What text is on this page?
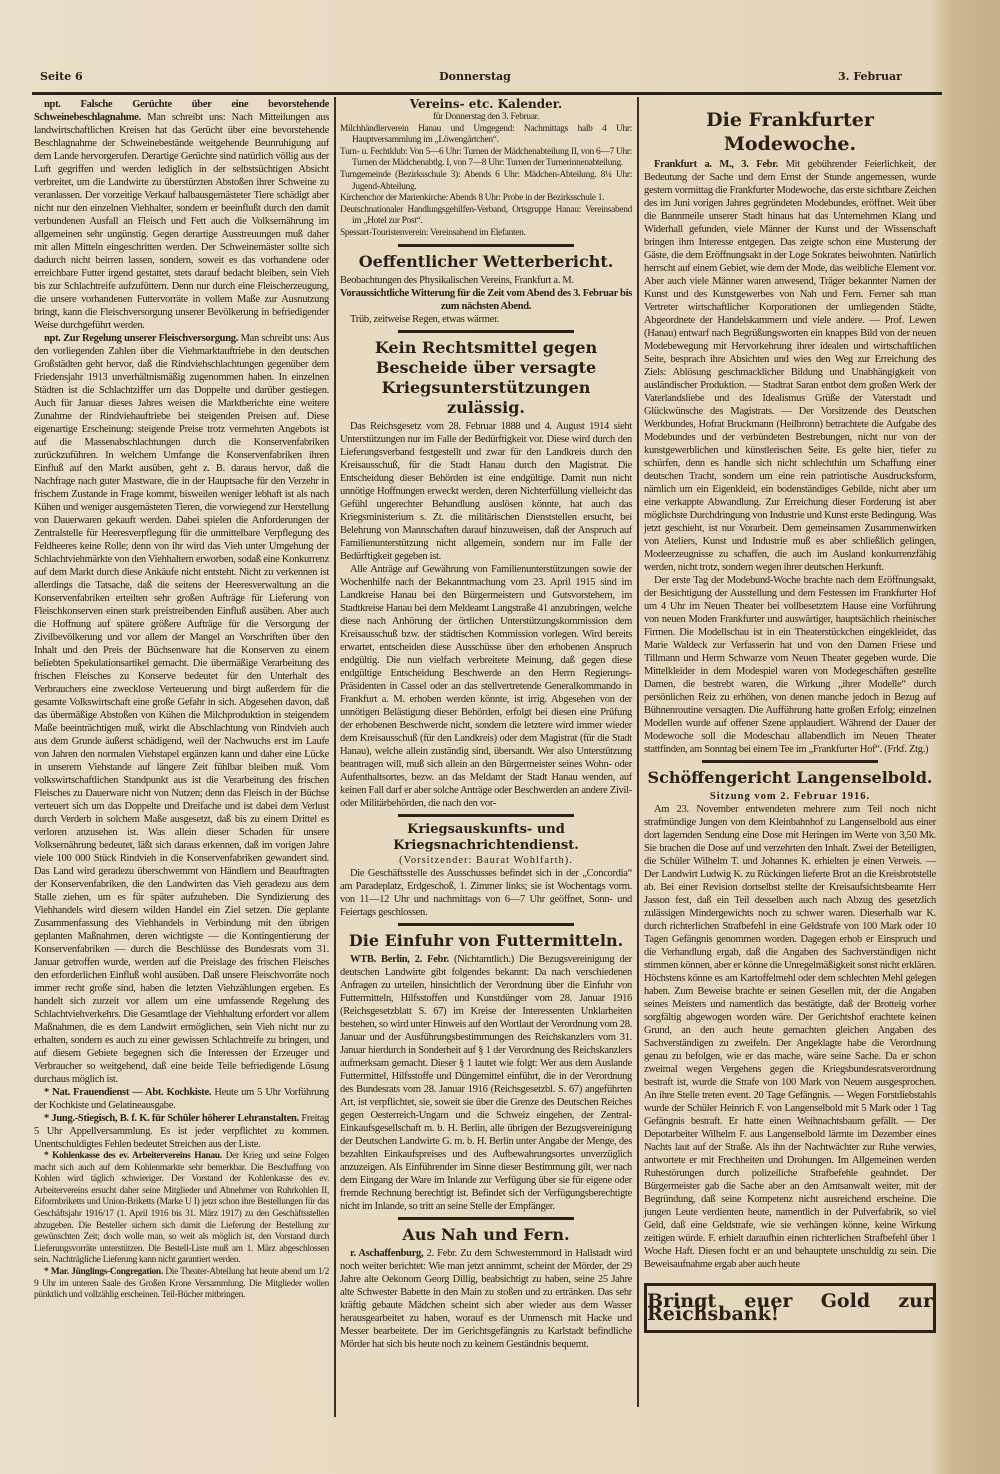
Seite 6	Donnerstag	3. Februar

npt. Falsche Gerüchte über eine bevorstehende Schweinebeschlagnahme. Man schreibt uns: Nach Mitteilungen aus landwirtschaftlichen Kreisen hat das Gerücht über eine bevorstehende Beschlagnahme der Schweinebestände weitgehende Beunruhigung auf dem Lande hervorgerufen. Derartige Gerüchte sind natürlich völlig aus der Luft gegriffen und werden lediglich in der selbstsüchtigen Absicht verbreitet, um die Landwirte zu überstürzten Abstoßen ihrer Schweine zu veranlassen. Der vorzeitige Verkauf halbausgemästeter Tiere schädigt aber nicht nur den einzelnen Viehhalter, sondern er beeinflußt durch den damit verbundenen Ausfall an Fleisch und Fett auch die Volksernährung im allgemeinen sehr ungünstig. Gegen derartige Ausstreuungen muß daher mit allen Mitteln eingeschritten werden. Der Schweinemäster sollte sich dadurch nicht beirren lassen, sondern, soweit es das vorhandene oder erreichbare Futter irgend gestattet, stets darauf bedacht bleiben, sein Vieh bis zur Schlachtreife aufzufüttern. Denn nur durch eine Fleischerzeugung, die unsere vorhandenen Futtervorräte in vollem Maße zur Ausnutzung bringt, kann die Fleischversorgung unserer Bevölkerung in befriedigender Weise durchgeführt werden.

npt. Zur Regelung unserer Fleischversorgung. Man schreibt uns: Aus den vorliegenden Zahlen über die Viehmarktauftriebe in den deutschen Großstädten geht hervor, daß die Rindviehschlachtungen gegenüber dem Friedensjahr 1913 unverhältnismäßig zugenommen haben. In einzelnen Städten ist die Schlachtziffer um das Doppelte und darüber gestiegen. Auch für Januar dieses Jahres weisen die Marktberichte eine weitere Zunahme der Rindviehauftriebe bei steigenden Preisen auf. Diese eigenartige Erscheinung: steigende Preise trotz vermehrten Angebots ist auf die Massenabschlachtungen durch die Konservenfabriken zurückzuführen. In welchem Umfange die Konservenfabriken ihren Einfluß auf den Markt ausüben, geht z. B. daraus hervor, daß die Nachfrage nach guter Mastware, die in der Hauptsache für den Verzehr in frischem Zustande in Frage kommt, bisweilen weniger lebhaft ist als nach Kühen und weniger ausgemästeten Tieren, die vorwiegend zur Herstellung von Dauerwaren gekauft werden. Dabei spielen die Anforderungen der Zentralstelle für Heeresverpflegung für die unmittelbare Verpflegung des Feldheeres keine Rolle; denn von ihr wird das Vieh unter Umgehung der Schlachtviehmärkte von den Viehhaltern erworben, sodaß eine Konkurrenz auf dem Markt durch diese Ankäufe nicht entsteht. Nicht zu verkennen ist allerdings die Tatsache, daß die seitens der Heeresverwaltung an die Konservenfabriken erteilten sehr großen Aufträge für Lieferung von Fleischkonserven einen stark preistreibenden Einfluß ausüben. Aber auch die Hoffnung auf spätere größere Aufträge für die Versorgung der Zivilbevölkerung und vor allem der Mangel an Vorschriften über den Inhalt und den Preis der Büchsenware hat die Konserven zu einem beliebten Spekulationsartikel gemacht. Die übermäßige Verarbeitung des frischen Fleisches zu Konserve bedeutet für den Unterhalt des Verbrauchers eine zwecklose Verteuerung und birgt außerdem für die gesamte Volkswirtschaft eine große Gefahr in sich. Abgesehen davon, daß das übermäßige Abstoßen von Kühen die Milchproduktion in steigendem Maße beeinträchtigen muß, wirkt die Abschlachtung von Rindvieh auch aus dem Grunde äußerst schädigend, weil der Nachwuchs erst im Laufe von Jahren den normalen Viehstapel ergänzen kann und daher eine Lücke in unserem Viehstande auf längere Zeit fühlbar bleiben muß. Vom volkswirtschaftlichen Standpunkt aus ist die Verarbeitung des frischen Fleisches zu Dauerware nicht von Nutzen; denn das Fleisch in der Büchse verteuert sich um das Doppelte und Dreifache und ist dabei dem Verlust durch Verderb in solchem Maße ausgesetzt, daß bis zu einem Drittel es verloren anzusehen ist. Was allein dieser Schaden für unsere Volksernährung bedeutet, läßt sich daraus erkennen, daß im vorigen Jahre viele 100 000 Stück Rindvieh in die Konservenfabriken gewandert sind. Das Land wird geradezu überschwemmt von Händlern und Beauftragten der Konservenfabriken, die den Landwirten das Vieh geradezu aus dem Stalle ziehen, um es für später aufzuheben. Die Syndizierung des Viehhandels wird diesem wilden Handel ein Ziel setzen. Die geplante Zusammenfassung des Viehhandels in Verbindung mit den übrigen geplanten Maßnahmen, deren wichtigste — die Kontingentierung der Konservenfabriken — durch die Beschlüsse des Bundesrats vom 31. Januar getroffen wurde, werden auf die Preislage des frischen Fleisches den erforderlichen Einfluß wohl ausüben. Daß unsere Fleischvorräte noch immer recht große sind, haben die letzten Viehzählungen ergeben. Es handelt sich zurzeit vor allem um eine umfassende Regelung des Schlachtviehverkehrs. Die Gesamtlage der Viehhaltung erfordert vor allem Maßnahmen, die es dem Landwirt ermöglichen, sein Vieh nicht nur zu erhalten, sondern es auch zu einer gewissen Schlachtreife zu bringen, und auf diesem Gebiete begegnen sich die Interessen der Erzeuger und Verbraucher so weitgehend, daß eine beide Teile befriedigende Lösung durchaus möglich ist.

* Nat. Frauendienst — Abt. Kochkiste. Heute um 5 Uhr Vorführung der Kochkiste und Gelatineausgabe.

* Jung.-Stiegisch, B. f. K. für Schüler höherer Lehranstalten. Freitag 5 Uhr Appellversammlung. Es ist jeder verpflichtet zu kommen. Unentschuldigtes Fehlen bedeutet Streichen aus der Liste.

* Kohlenkasse des ev. Arbeitervereins Hanau. Der Krieg und seine Folgen macht sich auch auf dem Kohlenmarkte sehr bemerkbar. Die Beschaffung von Kohlen wird täglich schwieriger. Der Vorstand der Kohlenkasse des ev. Arbeitervereins ersucht daher seine Mitglieder und Abnehmer von Ruhrkohlen II, Eiformbriketts und Union-Briketts (Marke U I) jetzt schon ihre Bestellungen für das Geschäftsjahr 1916/17 (1. April 1916 bis 31. März 1917) zu den Geschäftsstellen abzugeben. Die Besteller sichern sich damit die Lieferung der Bestellung zur gewünschten Zeit; doch wolle man, so weit als möglich ist, den Vorstand durch Lieferungsvorräte unterstützen. Die Bestell-Liste muß am 1. März abgeschlossen sein. Nachträgliche Lieferung kann nicht garantiert werden.

* Mar. Jünglings-Congregation. Die Theater-Abteilung hat heute abend um 1/2 9 Uhr im unteren Saale des Großen Krone Versammlung. Die Mitglieder wollen pünktlich und vollzählig erscheinen. Teil-Bücher mitbringen.

Vereins- etc. Kalender.

für Donnerstag den 3. Februar.

Milchhändlerverein Hanau und Umgegend: Nachmittags halb 4 Uhr: Hauptversammlung im „Löwengärtchen“.

Turn- u. Fechtklub: Von 5—6 Uhr: Turnen der Mädchenabteilung II, von 6—7 Uhr: Turnen der Mädchenabtlg. I, von 7—8 Uhr: Turnen der Turnerinnenabteilung.

Turngemeinde (Bezirksschule 3): Abends 6 Uhr: Mädchen-Abteilung. 8¼ Uhr: Jugend-Abteilung.

Kirchenchor der Marienkirche: Abends 8 Uhr: Probe in der Bezirksschule 1.

Deutschnationaler Handlungsgehilfen-Verband, Ortsgruppe Hanau: Vereinsabend im „Hotel zur Post“.

Spessart-Touristenverein: Vereinsabend im Elefanten.

Oeffentlicher Wetterbericht.

Beobachtungen des Physikalischen Vereins, Frankfurt a. M.

Voraussichtliche Witterung für die Zeit vom Abend des 3. Februar bis zum nächsten Abend.

Trüb, zeitweise Regen, etwas wärmer.

Kein Rechtsmittel gegen Bescheide über versagte Kriegsunterstützungen zulässig.

Das Reichsgesetz vom 28. Februar 1888 und 4. August 1914 sieht Unterstützungen nur im Falle der Bedürftigkeit vor. Diese wird durch den Lieferungsverband festgestellt und zwar für den Landkreis durch den Kreisausschuß, für die Stadt Hanau durch den Magistrat. Die Entscheidung dieser Behörden ist eine endgültige. Damit nun nicht unnötige Hoffnungen erweckt werden, deren Nichterfüllung vielleicht das Gefühl ungerechter Behandlung auslösen könnte, hat auch das Kriegsministerium s. Zt. die militärischen Dienststellen ersucht, bei Belehrung von Mannschaften darauf hinzuweisen, daß der Anspruch auf Familienunterstützung nicht allgemein, sondern nur im Falle der Bedürftigkeit gegeben ist.

Alle Anträge auf Gewährung von Familienunterstützungen sowie der Wochenhilfe nach der Bekanntmachung vom 23. April 1915 sind im Landkreise Hanau bei den Bürgermeistern und Gutsvorstehern, im Stadtkreise Hanau bei dem Meldeamt Langstraße 41 anzubringen, welche diese nach Anhörung der örtlichen Unterstützungskommission dem Kreisausschuß bzw. der städtischen Kommission vorlegen. Wird bereits erwartet, entscheiden diese Ausschüsse über den erhobenen Anspruch endgültig. Die nun vielfach verbreitete Meinung, daß gegen diese endgültige Entscheidung Beschwerde an den Herrn Regierungs-Präsidenten in Cassel oder an das stellvertretende Generalkommando in Frankfurt a. M. erhoben werden könnte, ist irrig. Abgesehen von der unnötigen Belästigung dieser Behörden, erfolgt bei diesen eine Prüfung der erhobenen Beschwerde nicht, sondern die letztere wird immer wieder dem Kreisausschuß (für den Landkreis) oder dem Magistrat (für die Stadt Hanau), welche allein zuständig sind, übersandt. Wer also Unterstützung beantragen will, muß sich allein an den Bürgermeister seines Wohn- oder Aufenthaltsortes, bezw. an das Meldamt der Stadt Hanau wenden, auf keinen Fall darf er aber solche Anträge oder Beschwerden an andere Zivil- oder Militärbehörden, die nach den vor-

Kriegsauskunfts- und Kriegsnachrichtendienst.

(Vorsitzender: Baurat Wohlfarth).

Die Geschäftsstelle des Ausschusses befindet sich in der „Concordia“ am Paradeplatz, Erdgeschoß, 1. Zimmer links; sie ist Wochentags vorm. von 11—12 Uhr und nachmittags von 6—7 Uhr geöffnet, Sonn- und Feiertags geschlossen.

Die Einfuhr von Futtermitteln.

WTB. Berlin, 2. Febr. (Nichtamtlich.) Die Bezugsvereinigung der deutschen Landwirte gibt folgendes bekannt: Da nach verschiedenen Anfragen zu urteilen, hinsichtlich der Verordnung über die Einfuhr von Futtermitteln, Hilfsstoffen und Kunstdünger vom 28. Januar 1916 (Reichsgesetzblatt S. 67) im Kreise der Interessenten Unklarheiten bestehen, so wird unter Hinweis auf den Wortlaut der Verordnung vom 28. Januar und der Ausführungsbestimmungen des Reichskanzlers vom 31. Januar hierdurch in Sonderheit auf § 1 der Verordnung des Reichskanzlers aufmerksam gemacht. Dieser § 1 lautet wie folgt: Wer aus dem Auslande Futtermittel, Hilfsstoffe und Düngemittel einführt, die in der Verordnung des Bundesrats vom 28. Januar 1916 (Reichsgesetzbl. S. 67) angeführten Art, ist verpflichtet, sie, soweit sie über die Grenze des Deutschen Reiches gegen Oesterreich-Ungarn und die Schweiz eingehen, der Zentral-Einkaufsgesellschaft m. b. H. Berlin, alle übrigen der Bezugsvereinigung der Deutschen Landwirte G. m. b. H. Berlin unter Angabe der Menge, des bezahlten Einkaufspreises und des Aufbewahrungsortes unverzüglich anzuzeigen. Als Einführender im Sinne dieser Bestimmung gilt, wer nach dem Eingang der Ware im Inlande zur Verfügung über sie für eigene oder fremde Rechnung berechtigt ist. Befindet sich der Verfügungsberechtigte nicht im Inlande, so tritt an seine Stelle der Empfänger.

Aus Nah und Fern.

r. Aschaffenburg, 2. Febr. Zu dem Schwesternmord in Hallstadt wird noch weiter berichtet: Wie man jetzt annimmt, scheint der Mörder, der 29 Jahre alte Oekonom Georg Dillig, beabsichtigt zu haben, seine 25 Jahre alte Schwester Babette in den Main zu stoßen und zu ertränken. Das sehr kräftig gebaute Mädchen scheint sich aber wieder aus dem Wasser herausgearbeitet zu haben, worauf es der Unmensch mit Hacke und Messer bearbeitete. Der im Gerichtsgefängnis zu Karlstadt befindliche Mörder hat sich bis heute noch zu keinem Geständnis bequemt.

Die Frankfurter Modewoche.

Frankfurt a. M., 3. Febr. Mit gebührender Feierlichkeit, der Bedeutung der Sache und dem Ernst der Stunde angemessen, wurde gestern vormittag die Frankfurter Modewoche, das erste sichtbare Zeichen des im Juni vorigen Jahres gegründeten Modebundes, eröffnet. Weit über die Bannmeile unserer Stadt hinaus hat das Unternehmen Klang und Widerhall gefunden, viele Männer der Kunst und der Wissenschaft bringen ihm Interesse entgegen. Das zeigte schon eine Musterung der Gäste, die dem Eröffnungsakt in der Loge Sokrates beiwohnten. Natürlich herrscht auf einem Gebiet, wie dem der Mode, das weibliche Element vor. Aber auch viele Männer waren anwesend, Träger bekannter Namen der Kunst und des Kunstgewerbes von Nah und Fern. Ferner sah man Vertreter wirtschaftlicher Korporationen der umliegenden Städte, Abgeordnete der Handelskammern und viele andere. — Prof. Lewen (Hanau) entwarf nach Begrüßungsworten ein knappes Bild von der neuen Modebewegung mit Hervorkehrung ihrer idealen und wirtschaftlichen Seite, besprach ihre Absichten und wies den Weg zur Erreichung des Ziels: Ablösung geschmacklicher Bildung und Unabhängigkeit von ausländischer Produktion. — Stadtrat Saran entbot dem großen Werk der Vaterlandsliebe und des Idealismus Grüße der Vaterstadt und Glückwünsche des Magistrats. — Der Vorsitzende des Deutschen Werkbundes, Hofrat Bruckmann (Heilbronn) betrachtete die Aufgabe des Modebundes und der verbündeten Bestrebungen, nicht nur von der kunstgewerblichen und künstlerischen Seite. Es gelte hier, tiefer zu schürfen, denn es handle sich nicht schlechthin um Schaffung einer deutschen Tracht, sondern um eine rein patriotische Ausdrucksform, nämlich um ein Eigenkleid, ein bodenständiges Gebilde, nicht aber um eine verkappte Abwandlung. Zur Erreichung dieser Forderung ist aber möglichste Durchdringung von Industrie und Kunst erste Bedingung. Was jetzt geschieht, ist nur Vorarbeit. Dem gemeinsamen Zusammenwirken von Ateliers, Kunst und Industrie muß es aber schließlich gelingen, Modeerzeugnisse zu schaffen, die auch im Ausland konkurrenzfähig werden, nicht trotz, sondern wegen ihrer deutschen Herkunft.

Der erste Tag der Modebund-Woche brachte nach dem Eröffnungsakt, der Besichtigung der Ausstellung und dem Festessen im Frankfurter Hof um 4 Uhr im Neuen Theater bei vollbesetztem Hause eine Vorführung von neuen Moden Frankfurter und auswärtiger, hauptsächlich rheinischer Firmen. Die Modellschau ist in ein Theaterstückchen eingekleidet, das Marie Waldeck zur Verfasserin hat und von den Damen Friese und Tillmann und Herrn Schwarze vom Neuen Theater gegeben wurde. Die Mittelkleider in dem Modespiel waren von Modegeschäften gestellte Damen, die bestrebt waren, die Wirkung „ihrer Modelle“ durch persönlichen Reiz zu erhöhen, von denen manche jedoch in Bezug auf Bühnenroutine versagten. Die Aufführung hatte großen Erfolg; einzelnen Modellen wurde auf offener Szene applaudiert. Während der Dauer der Modewoche soll die Modeschau allabendlich im Neuen Theater stattfinden, am Sonntag bei einem Tee im „Frankfurter Hof“. (Frkf. Ztg.)

Schöffengericht Langenselbold.

Sitzung vom 2. Februar 1916.

Am 23. November entwendeten mehrere zum Teil noch nicht strafmündige Jungen von dem Kleinbahnhof zu Langenselbold aus einer dort lagernden Sendung eine Dose mit Heringen im Werte von 3,50 Mk. Sie brachen die Dose auf und verzehrten den Inhalt. Zwei der Beteiligten, die Schüler Wilhelm T. und Johannes K. erhielten je einen Verweis. — Der Landwirt Ludwig K. zu Rückingen lieferte Brot an die Kreisbrotstelle ab. Bei einer Revision dortselbst stellte der Kreisaufsichtsbeamte Herr Jasson fest, daß ein Teil desselben auch nach Abzug des gesetzlich zulässigen Mindergewichts noch zu schwer waren. Dieserhalb war K. durch richterlichen Strafbefehl in eine Geldstrafe von 100 Mark oder 10 Tagen Gefängnis genommen worden. Dagegen erhob er Einspruch und die Verhandlung ergab, daß die Angaben des Sachverständigen nicht stimmen können, aber er könne die Unregelmäßigkeit sonst nicht erklären. Höchstens könne es am Kartoffelmehl oder dem schlechten Mehl gelegen haben. Zum Beweise brachte er seinen Gesellen mit, der die Angaben seines Meisters und namentlich das bestätigte, daß der Brotteig vorher sorgfältig abgewogen worden wäre. Der Gerichtshof erachtete keinen Grund, an den auch heute gemachten gleichen Angaben des Sachverständigen zu zweifeln. Der Angeklagte habe die Verordnung genau zu befolgen, wie er das mache, wäre seine Sache. Da er schon zweimal wegen Vergehens gegen die Kriegsbundesratsverordnung bestraft ist, wurde die Strafe von 100 Mark von Neuem ausgesprochen. An ihre Stelle treten event. 20 Tage Gefängnis. — Wegen Forstdiebstahls wurde der Schüler Heinrich F. von Langenselbold mit 5 Mark oder 1 Tag Gefängnis bestraft. Er hatte einen Weihnachtsbaum gefällt. — Der Depotarbeiter Wilhelm F. aus Langenselbold lärmte im Dezember eines Nachts laut auf der Straße. Als ihn der Nachtwächter zur Ruhe verwies, antwortete er mit Frechheiten und Drohungen. Im Allgemeinen werden Ruhestörungen durch polizeiliche Strafbefehle geahndet. Der Bürgermeister gab die Sache aber an den Amtsanwalt weiter, mit der Begründung, daß seine Kompetenz nicht ausreichend erscheine. Die jungen Leute verdienten heute, namentlich in der Pulverfabrik, so viel Geld, daß eine Geldstrafe, wie sie verhängen könne, keine Wirkung zeitigen würde. F. erhielt daraufhin einen richterlichen Strafbefehl über 1 Woche Haft. Diesen focht er an und behauptete unschuldig zu sein. Die Beweisaufnahme ergab aber auch heute

Bringt euer Gold zur Reichsbank!
